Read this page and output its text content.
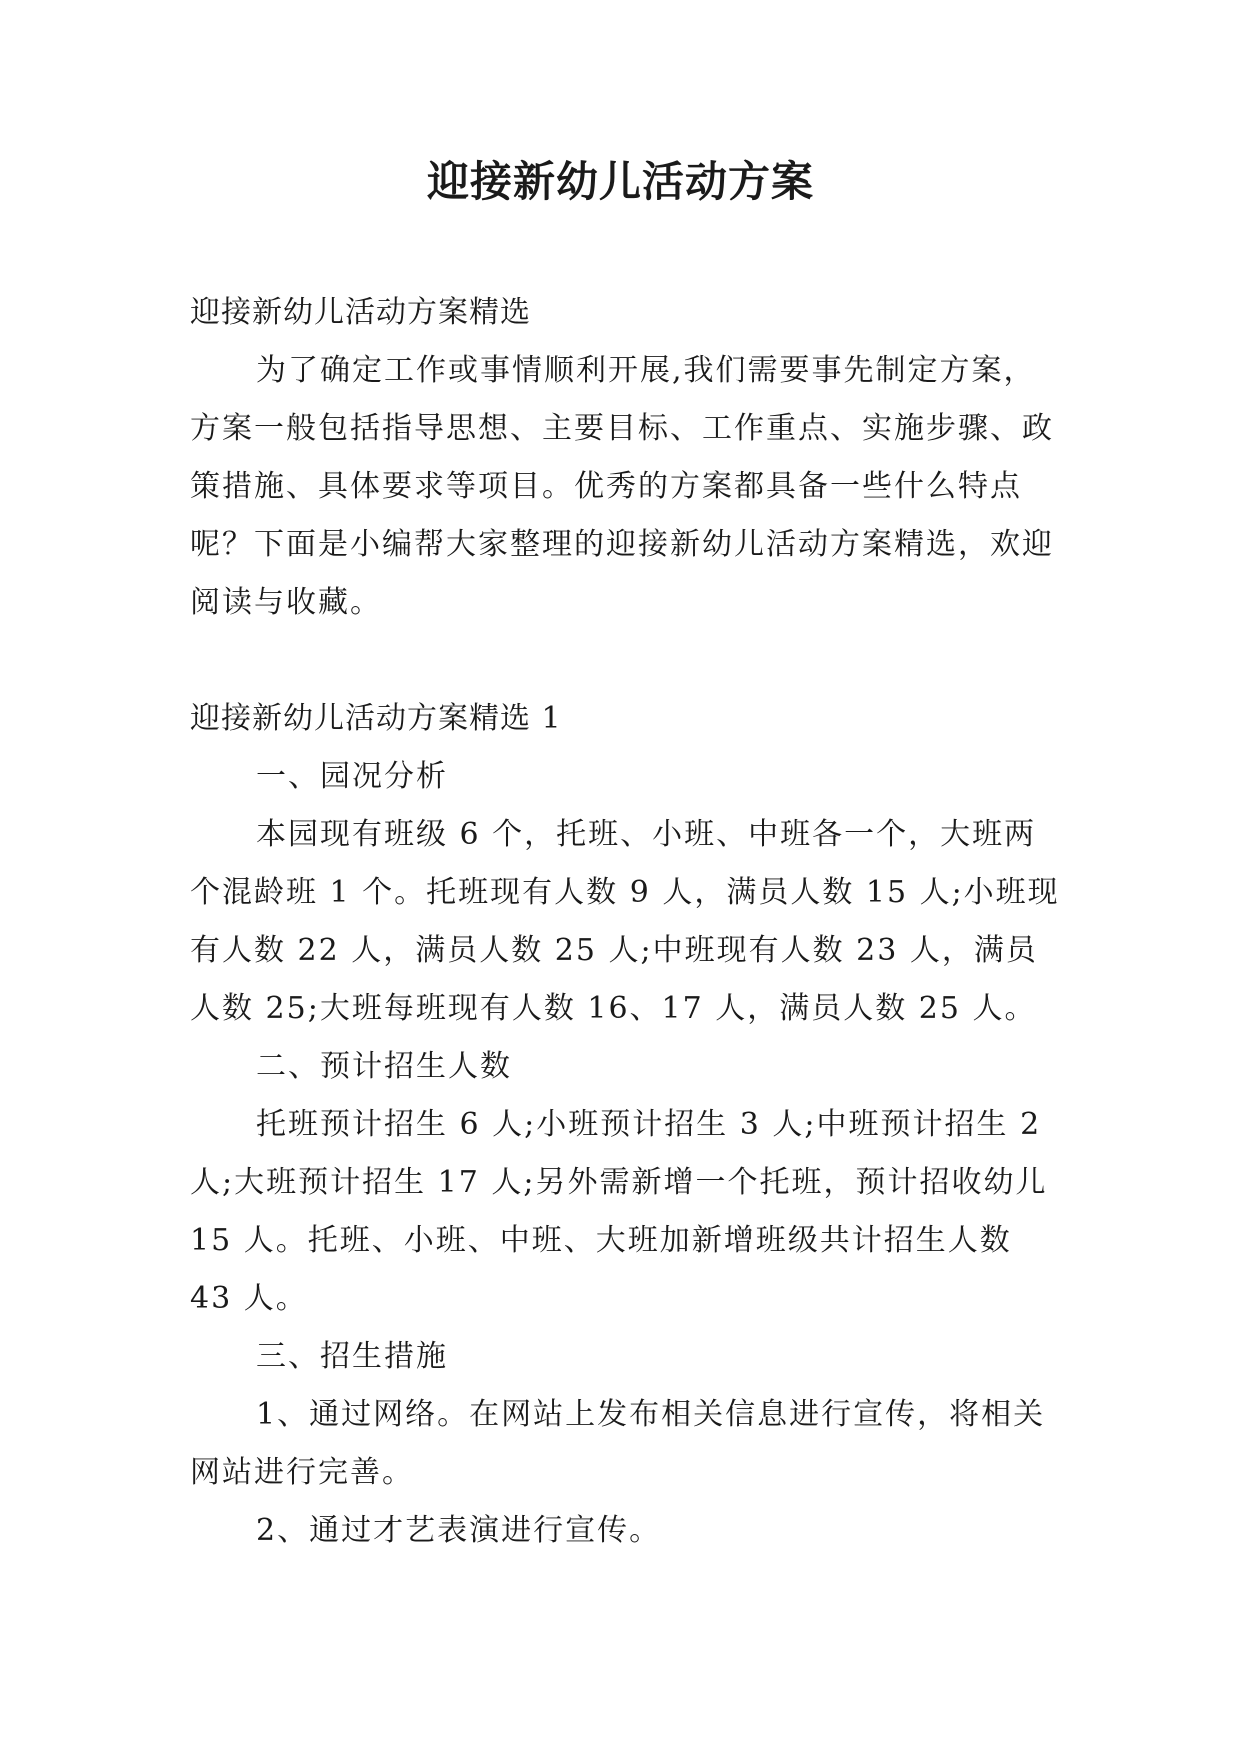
迎接新幼儿活动方案

迎接新幼儿活动方案精选

为了确定工作或事情顺利开展,我们需要事先制定方案，方案一般包括指导思想、主要目标、工作重点、实施步骤、政策措施、具体要求等项目。优秀的方案都具备一些什么特点呢？下面是小编帮大家整理的迎接新幼儿活动方案精选，欢迎阅读与收藏。

迎接新幼儿活动方案精选 1

一、园况分析

本园现有班级 6 个，托班、小班、中班各一个，大班两个混龄班 1 个。托班现有人数 9 人，满员人数 15 人;小班现有人数 22 人，满员人数 25 人;中班现有人数 23 人，满员人数 25;大班每班现有人数 16、17 人，满员人数 25 人。

二、预计招生人数

托班预计招生 6 人;小班预计招生 3 人;中班预计招生 2 人;大班预计招生 17 人;另外需新增一个托班，预计招收幼儿 15 人。托班、小班、中班、大班加新增班级共计招生人数 43 人。

三、招生措施

1、通过网络。在网站上发布相关信息进行宣传，将相关网站进行完善。

2、通过才艺表演进行宣传。
